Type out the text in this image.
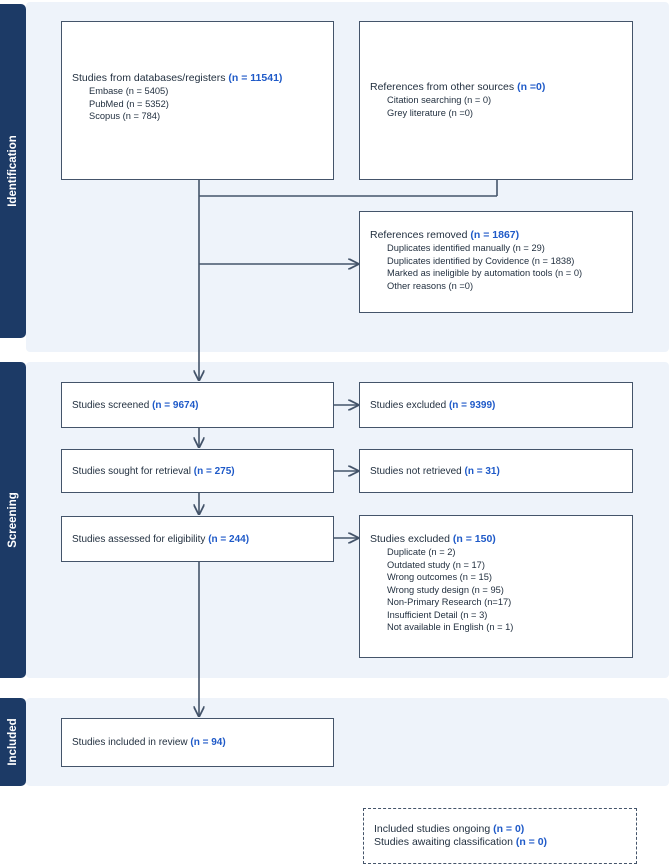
Identification
Screening
Included
Studies from databases/registers (n = 11541)
Embase (n = 5405)
PubMed (n = 5352)
Scopus (n = 784)
References from other sources (n =0)
Citation searching (n = 0)
Grey literature (n =0)
References removed (n = 1867)
Duplicates identified manually (n = 29)
Duplicates identified by Covidence (n = 1838)
Marked as ineligible by automation tools (n = 0)
Other reasons (n =0)
Studies screened
(n = 9674)	Studies excluded
(n = 9399)
Studies sought for retrieval
(n = 275)	Studies not retrieved
(n = 31)
Studies assessed for eligibility
(n = 244)	Studies excluded (n = 150)
Duplicate (n = 2)
Outdated study (n = 17)
Wrong outcomes (n = 15)
Wrong study design (n = 95)
Non-Primary Research (n=17)
Insufficient Detail (n = 3)
Not available in English (n = 1)
Studies included in review
(n = 94)
Included studies ongoing (n = 0)
Studies awaiting classification (n = 0)
